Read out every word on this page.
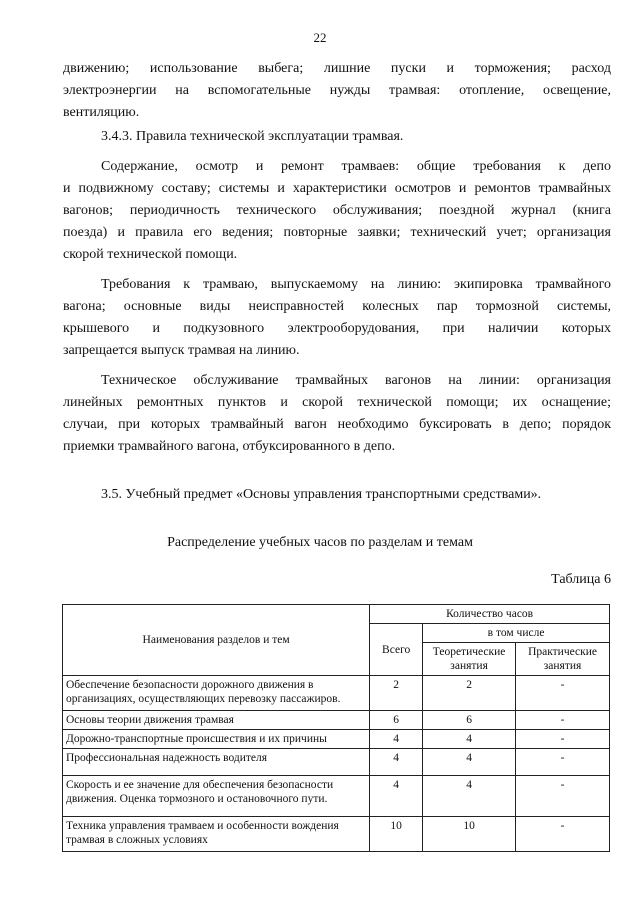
22
движению; использование выбега; лишние пуски и торможения; расход
электроэнергии на вспомогательные нужды трамвая: отопление, освещение,
вентиляцию.
3.4.3. Правила технической эксплуатации трамвая.
Содержание, осмотр и ремонт трамваев: общие требования к депо
и подвижному составу; системы и характеристики осмотров и ремонтов трамвайных
вагонов; периодичность технического обслуживания; поездной журнал (книга
поезда) и правила его ведения; повторные заявки; технический учет; организация
скорой технической помощи.
Требования к трамваю, выпускаемому на линию: экипировка трамвайного
вагона; основные виды неисправностей колесных пар тормозной системы,
крышевого и подкузовного электрооборудования, при наличии которых
запрещается выпуск трамвая на линию.
Техническое обслуживание трамвайных вагонов на линии: организация
линейных ремонтных пунктов и скорой технической помощи; их оснащение;
случаи, при которых трамвайный вагон необходимо буксировать в депо; порядок
приемки трамвайного вагона, отбуксированного в депо.
3.5. Учебный предмет «Основы управления транспортными средствами».
Распределение учебных часов по разделам и темам
Таблица 6
Наименования разделов и тем	Количество часов		
	Всего	в том числе	
		Теоретические занятия	Практические занятия
Обеспечение безопасности дорожного движения в организациях, осуществляющих перевозку пассажиров.	2	2	-
Основы теории движения трамвая	6	6	-
Дорожно-транспортные происшествия и их причины	4	4	-
Профессиональная надежность водителя	4	4	-
Скорость и ее значение для обеспечения безопасности движения. Оценка тормозного и остановочного пути.	4	4	-
Техника управления трамваем и особенности вождения трамвая в сложных условиях	10	10	-
